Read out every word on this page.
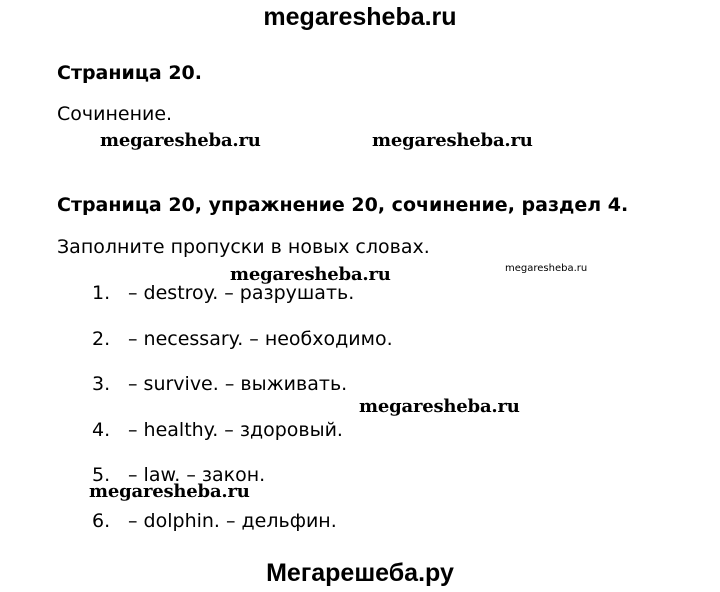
megaresheba.ru
Страница 20.
Сочинение.
megaresheba.ru	megaresheba.ru
Страница 20, упражнение 20, сочинение, раздел 4.
Заполните пропуски в новых словах.
megaresheba.ru	megaresheba.ru
1. – destroy. – разрушать.
2. – necessary. – необходимо.
3. – survive. – выживать.
4. – healthy. – здоровый.
5. – law. – закон.
6. – dolphin. – дельфин.
megaresheba.ru
megaresheba.ru
Мегарешеба.ру
